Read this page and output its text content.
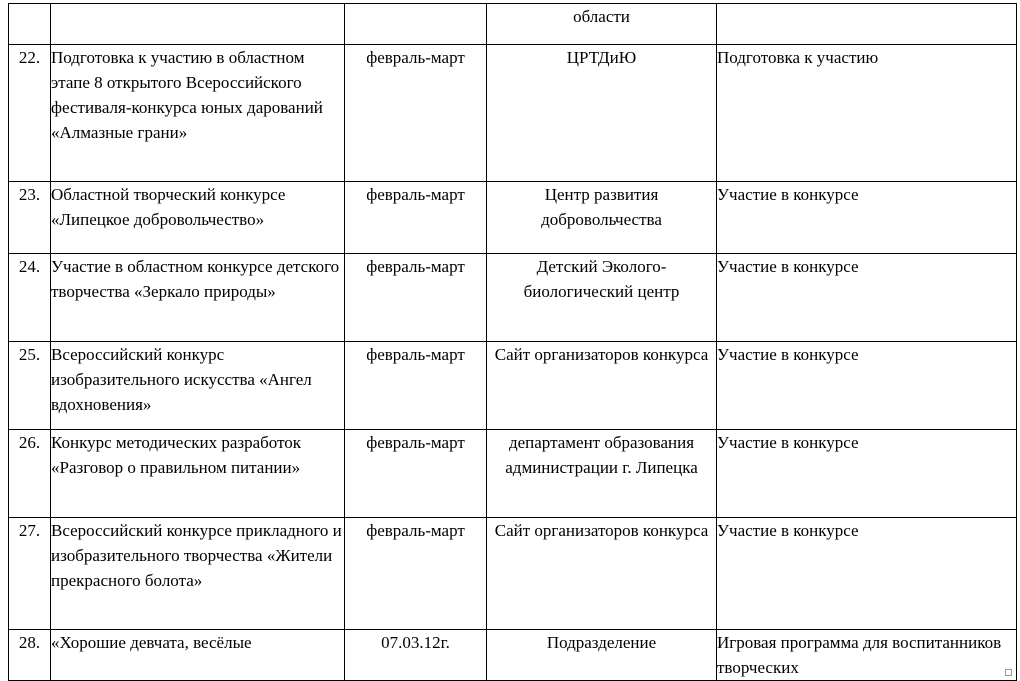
			области	
22.	Подготовка к участию в областном этапе 8 открытого Всероссийского фестиваля-конкурса юных дарований «Алмазные грани»	февраль-март	ЦРТДиЮ	Подготовка к участию
23.	Областной творческий конкурсе «Липецкое добровольчество»	февраль-март	Центр развития добровольчества	Участие в конкурсе
24.	Участие в областном конкурсе детского творчества «Зеркало природы»	февраль-март	Детский Эколого-биологический центр	Участие в конкурсе
25.	Всероссийский конкурс изобразительного искусства «Ангел вдохновения»	февраль-март	Сайт организаторов конкурса	Участие в конкурсе
26.	Конкурс методических разработок «Разговор о правильном питании»	февраль-март	департамент образования администрации г. Липецка	Участие в конкурсе
27.	Всероссийский конкурсе прикладного и изобразительного творчества «Жители прекрасного болота»	февраль-март	Сайт организаторов конкурса	Участие в конкурсе
28.	«Хорошие девчата, весёлые	07.03.12г.	Подразделение	Игровая программа для воспитанников творческих
